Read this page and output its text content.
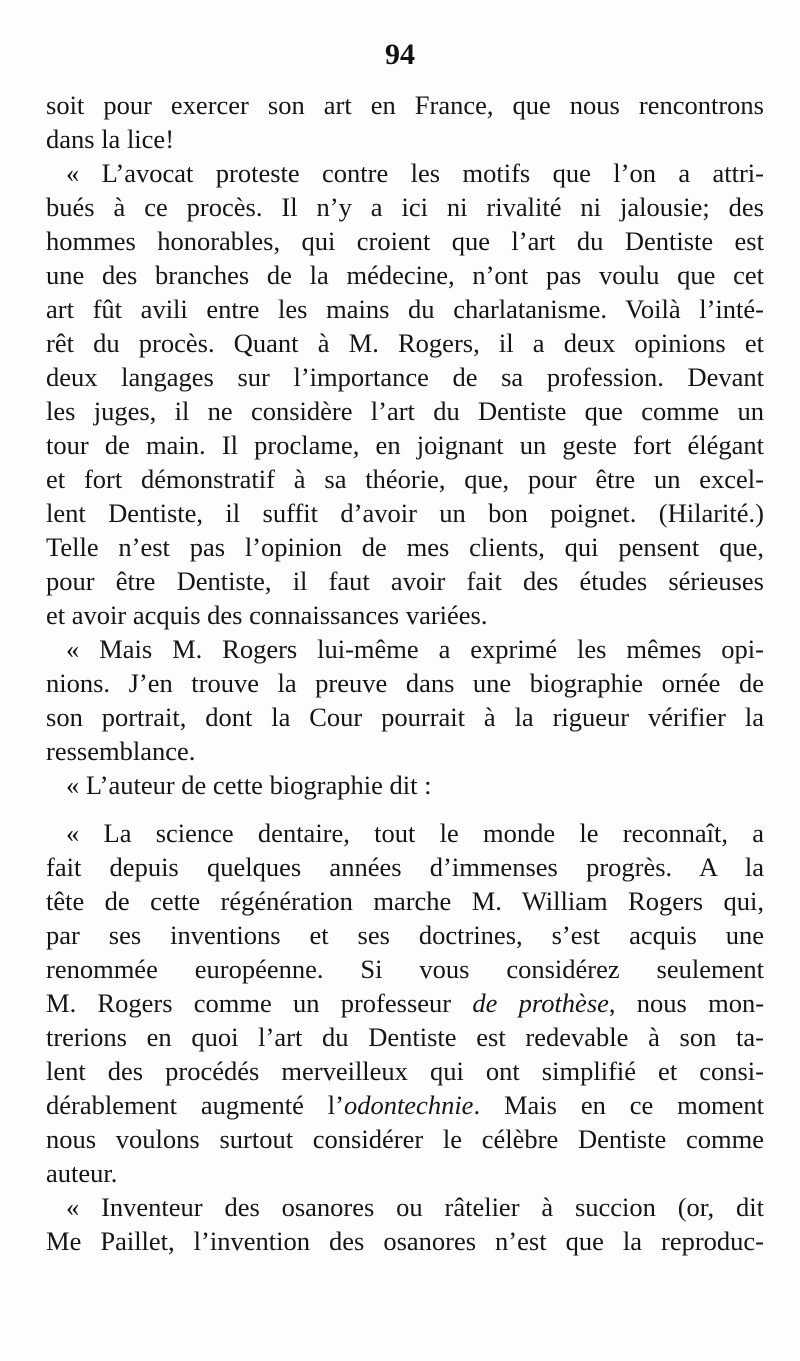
94
soit pour exercer son art en France, que nous rencontrons
dans la lice!
« L’avocat proteste contre les motifs que l’on a attri-
bués à ce procès. Il n’y a ici ni rivalité ni jalousie; des
hommes honorables, qui croient que l’art du Dentiste est
une des branches de la médecine, n’ont pas voulu que cet
art fût avili entre les mains du charlatanisme. Voilà l’inté-
rêt du procès. Quant à M. Rogers, il a deux opinions et
deux langages sur l’importance de sa profession. Devant
les juges, il ne considère l’art du Dentiste que comme un
tour de main. Il proclame, en joignant un geste fort élégant
et fort démonstratif à sa théorie, que, pour être un excel-
lent Dentiste, il suffit d’avoir un bon poignet. (Hilarité.)
Telle n’est pas l’opinion de mes clients, qui pensent que,
pour être Dentiste, il faut avoir fait des études sérieuses
et avoir acquis des connaissances variées.
« Mais M. Rogers lui-même a exprimé les mêmes opi-
nions. J’en trouve la preuve dans une biographie ornée de
son portrait, dont la Cour pourrait à la rigueur vérifier la
ressemblance.
« L’auteur de cette biographie dit :
« La science dentaire, tout le monde le reconnaît, a
fait depuis quelques années d’immenses progrès. A la
tête de cette régénération marche M. William Rogers qui,
par ses inventions et ses doctrines, s’est acquis une
renommée européenne. Si vous considérez seulement
M. Rogers comme un professeur de prothèse, nous mon-
trerions en quoi l’art du Dentiste est redevable à son ta-
lent des procédés merveilleux qui ont simplifié et consi-
dérablement augmenté l’odontechnie. Mais en ce moment
nous voulons surtout considérer le célèbre Dentiste comme
auteur.
« Inventeur des osanores ou râtelier à succion (or, dit
Me Paillet, l’invention des osanores n’est que la reproduc-
